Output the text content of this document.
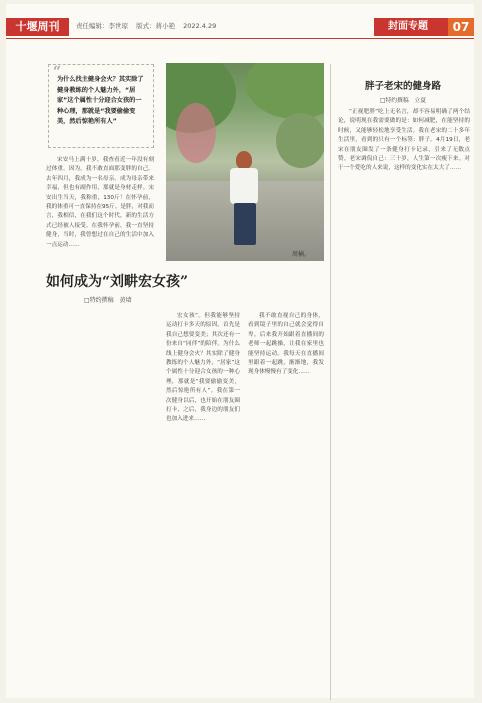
十堰周刊	责任编辑：李世琼 版式：蒋小艳 2022.4.29	封面专题	07
“
为什么找主健身会火？其实除了健身教练的个人魅力外，“居家”这个属性十分迎合女孩的一种心理，那就是“我要偷偷变美，然后惊艳所有人”
周楠。
如何成为“刘畊宏女孩”
□特约撰稿　黄墙

宋安马上满十岁，我查看近一年没有刻过体重。因为，我不敢直面那变胖的自己。去年四月，我成为一名母亲。成为母亲带来幸福，但也有副作用，那就是身材走样。宋安出生当天，我称重，130斤！在怀孕前，我的体重可一直保持在95斤。是胖，对我而言，我相信，在我们这个时代，新的生活方式已经被人接受。在我怀孕前，我一直坚持健身，当时，我曾想过在自己的生活中加入一点运动……

宏女孩”。但我能够坚持运动打卡多天的原因，首先是我自己想要变美；其次还有一份来自“同伴”的陪伴。为什么线上健身会火？其实除了健身教练的个人魅力外，“居家”这个属性十分迎合女孩的一种心理，那就是“我要偷偷变美，然后惊艳所有人”。我在第一次健身以后，也开始在朋友圈打卡，之后，我身边的朋友们也加入进来……

我不敢直视自己的身体，看到镜子里的自己就会觉得自卑。后来我开始跟着直播间的老师一起跳操，让我在家里也能坚持运动。我每天在直播间里跟着一起跳，渐渐地，我发现身体慢慢有了变化……

胖子老宋的健身路
□特约撰稿　立夏

“正视肥胖”吃上无名言，却不容易明确了两个结论，说明现在我需要做的是：如何减肥，在能坚持的时候，又能够轻松地享受生活。我在老宋的二十多年生活里，看到的只有一个标签：胖子。4月19日，老宋在朋友圈发了一条健身打卡记录，引来了无数点赞。老宋调侃自己：三十岁，人生第一次瘦下来。对于一个爱吃的人来说，这样的变化实在太大了……
